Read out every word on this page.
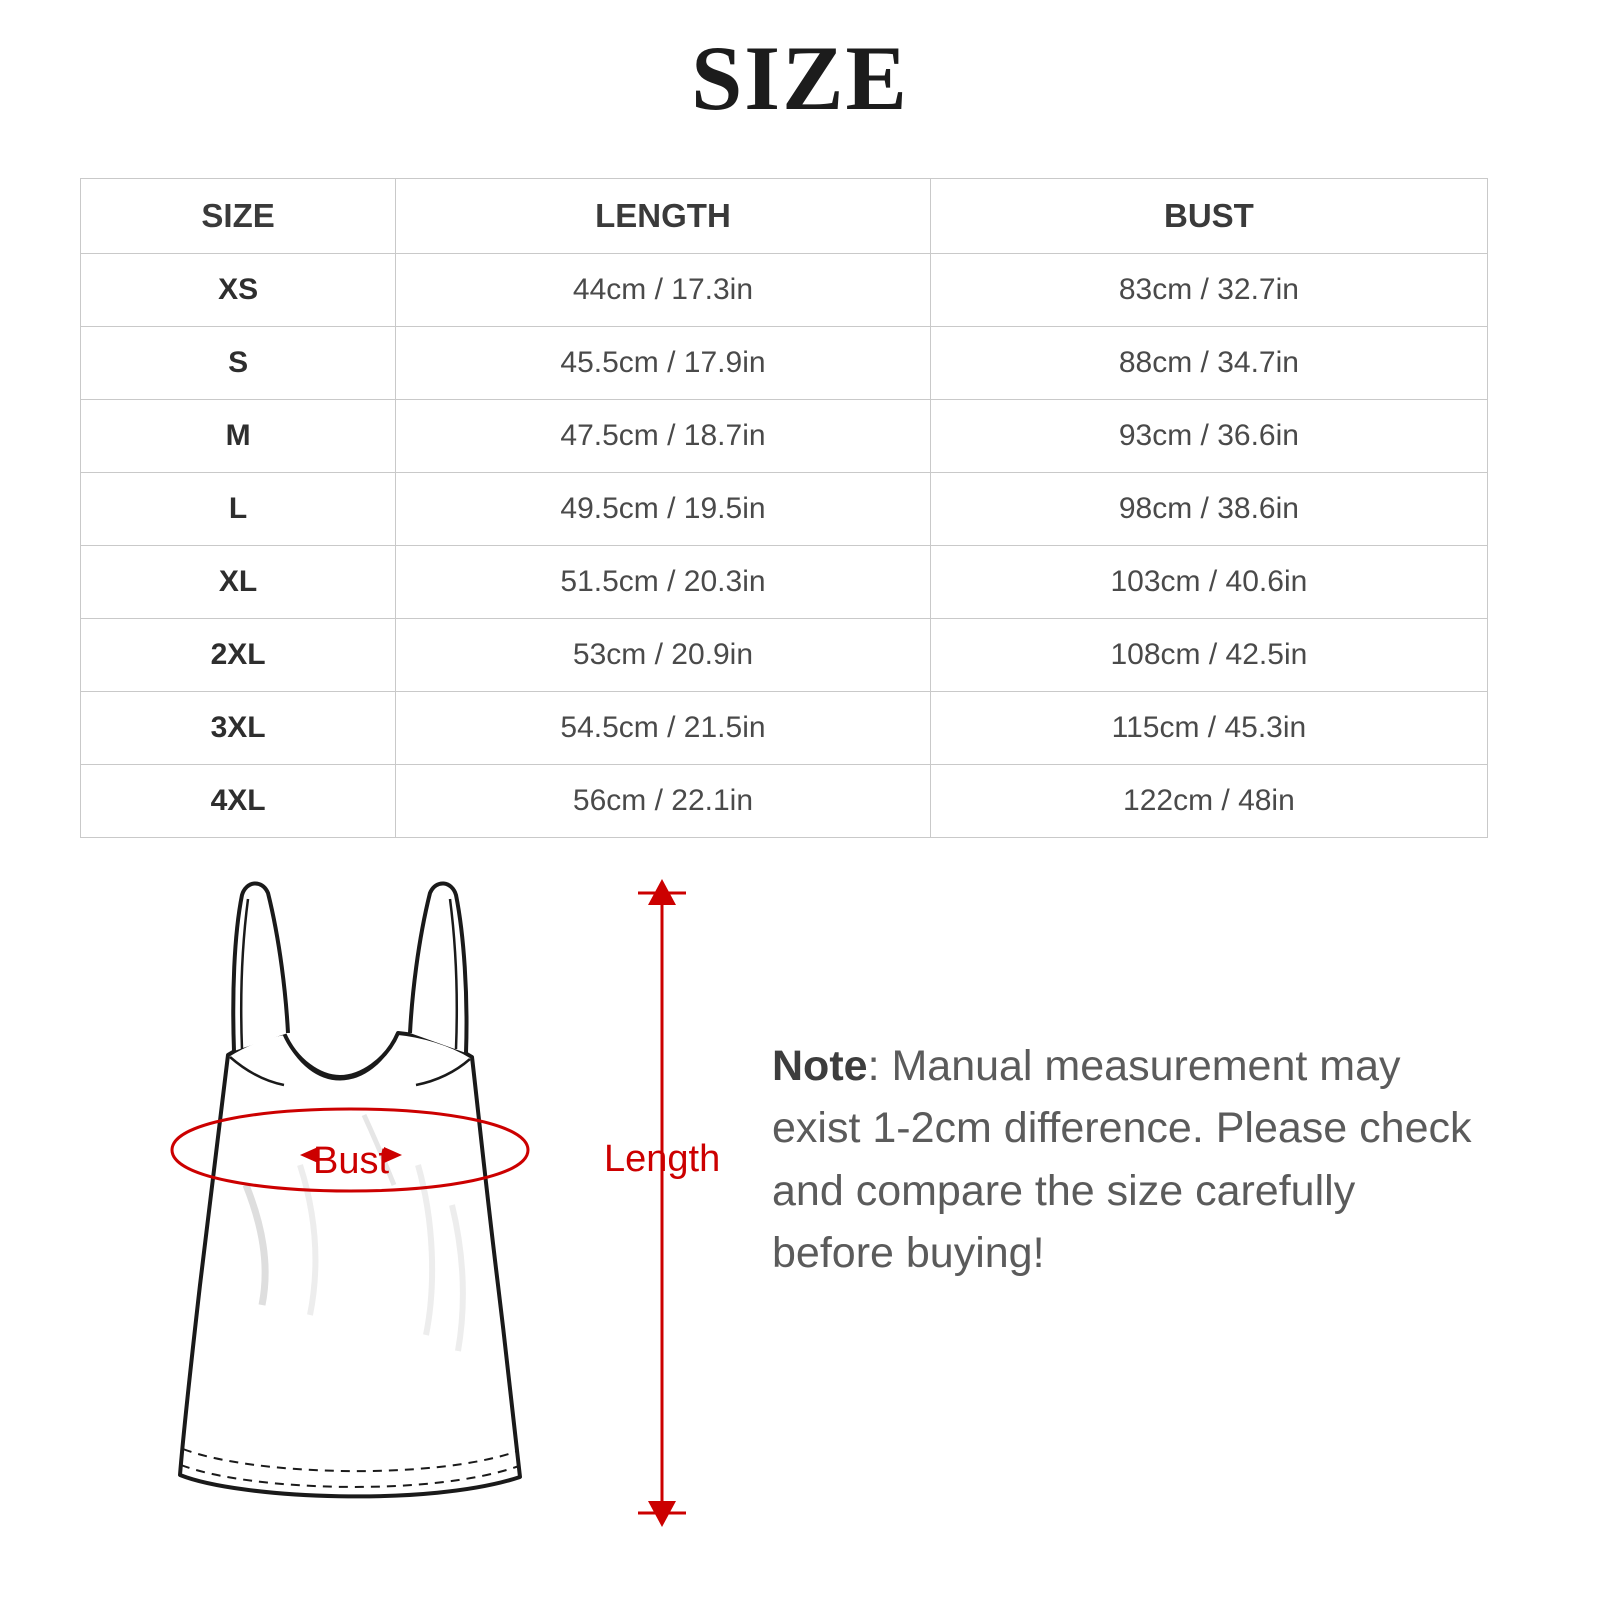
SIZE
SIZE	LENGTH	BUST
XS	44cm / 17.3in	83cm / 32.7in
S	45.5cm / 17.9in	88cm / 34.7in
M	47.5cm / 18.7in	93cm / 36.6in
L	49.5cm / 19.5in	98cm / 38.6in
XL	51.5cm / 20.3in	103cm / 40.6in
2XL	53cm / 20.9in	108cm / 42.5in
3XL	54.5cm / 21.5in	115cm / 45.3in
4XL	56cm / 22.1in	122cm / 48in
Bust	Length
Note: Manual measurement may exist 1-2cm difference. Please check and compare the size carefully before buying!
